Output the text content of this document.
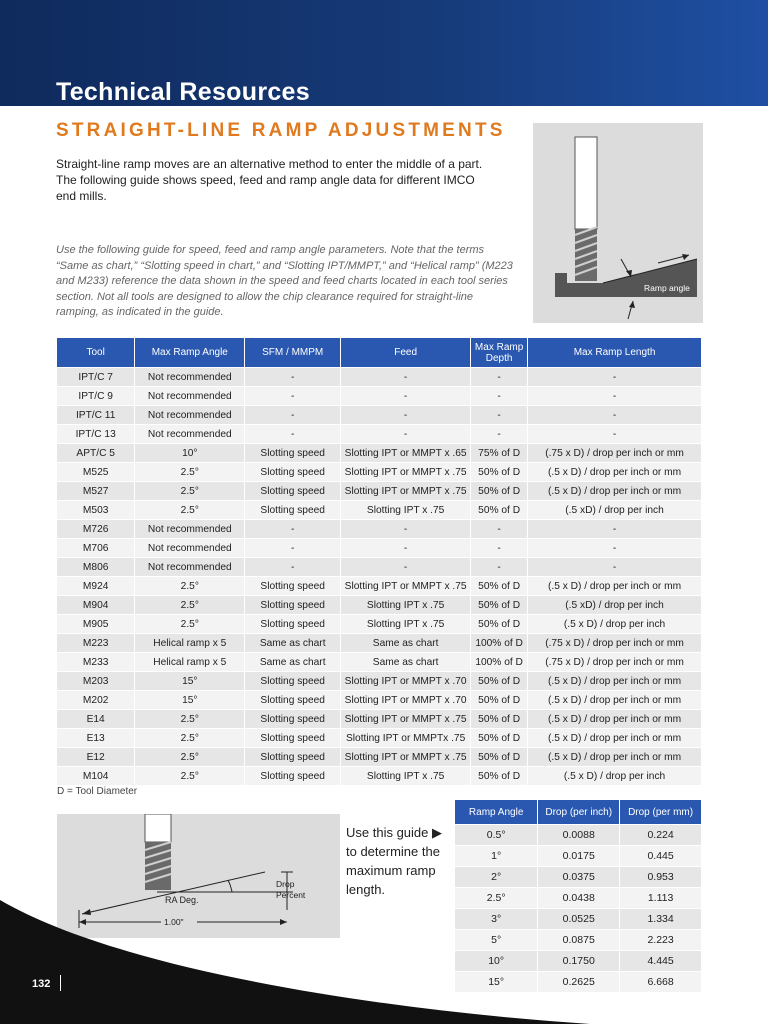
Technical Resources
STRAIGHT-LINE RAMP ADJUSTMENTS
Straight-line ramp moves are an alternative method to enter the middle of a part. The following guide shows speed, feed and ramp angle data for different IMCO end mills.
Use the following guide for speed, feed and ramp angle parameters. Note that the terms “Same as chart,” “Slotting speed in chart,” and “Slotting IPT/MMPT,” and “Helical ramp” (M223 and M233) reference the data shown in the speed and feed charts located in each tool series section. Not all tools are designed to allow the chip clearance required for straight-line ramping, as indicated in the guide.
Ramp angle
Tool	Max Ramp Angle	SFM / MMPM	Feed	Max Ramp Depth	Max Ramp Length
IPT/C 7	Not recommended	-	-	-	-
IPT/C 9	Not recommended	-	-	-	-
IPT/C 11	Not recommended	-	-	-	-
IPT/C 13	Not recommended	-	-	-	-
APT/C 5	10°	Slotting speed	Slotting IPT or MMPT x .65	75% of D	(.75 x D) / drop per inch or mm
M525	2.5°	Slotting speed	Slotting IPT or MMPT x .75	50% of D	(.5 x D) / drop per inch or mm
M527	2.5°	Slotting speed	Slotting IPT or MMPT x .75	50% of D	(.5 x D) / drop per inch or mm
M503	2.5°	Slotting speed	Slotting IPT x .75	50% of D	(.5 xD) / drop per inch
M726	Not recommended	-	-	-	-
M706	Not recommended	-	-	-	-
M806	Not recommended	-	-	-	-
M924	2.5°	Slotting speed	Slotting IPT or MMPT x .75	50% of D	(.5 x D) / drop per inch or mm
M904	2.5°	Slotting speed	Slotting IPT x .75	50% of D	(.5 xD) / drop per inch
M905	2.5°	Slotting speed	Slotting IPT x .75	50% of D	(.5 x D) / drop per inch
M223	Helical ramp x 5	Same as chart	Same as chart	100% of D	(.75 x D) / drop per inch or mm
M233	Helical ramp x 5	Same as chart	Same as chart	100% of D	(.75 x D) / drop per inch or mm
M203	15°	Slotting speed	Slotting IPT or MMPT x .70	50% of D	(.5 x D) / drop per inch or mm
M202	15°	Slotting speed	Slotting IPT or MMPT x .70	50% of D	(.5 x D) / drop per inch or mm
E14	2.5°	Slotting speed	Slotting IPT or MMPT x .75	50% of D	(.5 x D) / drop per inch or mm
E13	2.5°	Slotting speed	Slotting IPT or MMPTx .75	50% of D	(.5 x D) / drop per inch or mm
E12	2.5°	Slotting speed	Slotting IPT or MMPT x .75	50% of D	(.5 x D) / drop per inch or mm
M104	2.5°	Slotting speed	Slotting IPT x .75	50% of D	(.5 x D) / drop per inch
D = Tool Diameter
RA Deg.
Drop
Percent
1.00"
Use this guide ▶ to determine the maximum ramp length.
Ramp Angle	Drop (per inch)	Drop (per mm)
0.5°	0.0088	0.224
1°	0.0175	0.445
2°	0.0375	0.953
2.5°	0.0438	1.113
3°	0.0525	1.334
5°	0.0875	2.223
10°	0.1750	4.445
15°	0.2625	6.668
132
